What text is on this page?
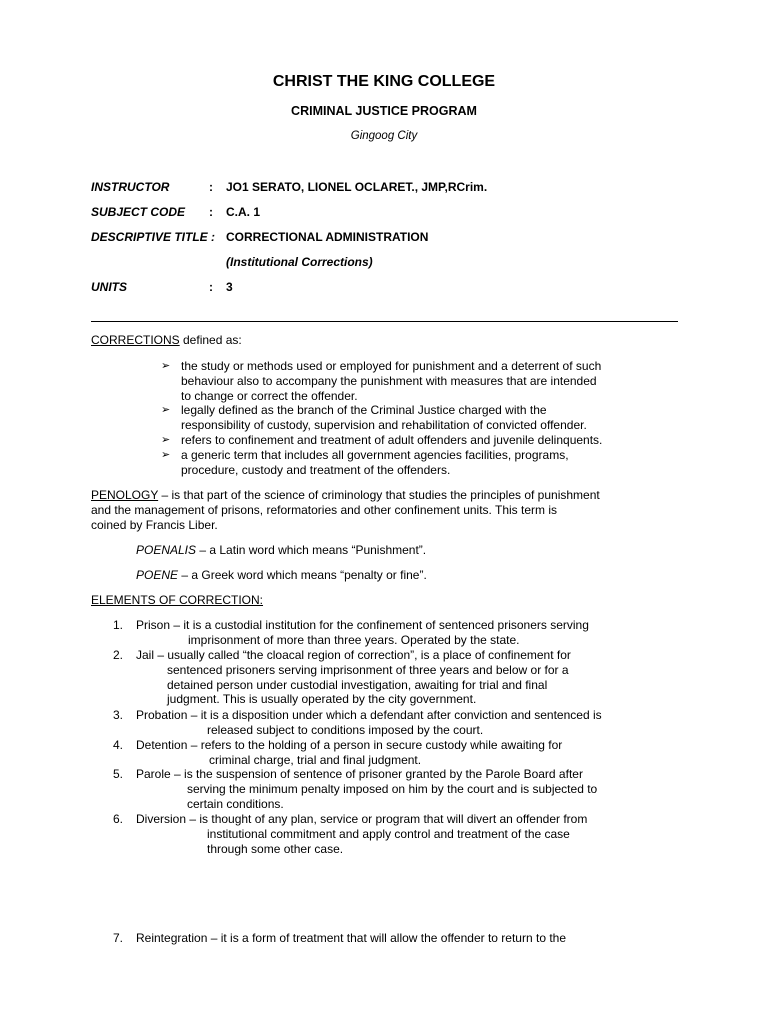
CHRIST THE KING COLLEGE
CRIMINAL JUSTICE PROGRAM
Gingoog City
INSTRUCTOR	: JO1 SERATO, LIONEL OCLARET., JMP,RCrim.
SUBJECT CODE : C.A. 1
DESCRIPTIVE TITLE : CORRECTIONAL ADMINISTRATION
(Institutional Corrections)
UNITS	: 3
CORRECTIONS defined as:
➢ the study or methods used or employed for punishment and a deterrent of such
behaviour also to accompany the punishment with measures that are intended
to change or correct the offender.
➢ legally defined as the branch of the Criminal Justice charged with the
responsibility of custody, supervision and rehabilitation of convicted offender.
➢ refers to confinement and treatment of adult offenders and juvenile delinquents.
➢ a generic term that includes all government agencies facilities, programs,
procedure, custody and treatment of the offenders.
PENOLOGY – is that part of the science of criminology that studies the principles of punishment
and the management of prisons, reformatories and other confinement units. This term is
coined by Francis Liber.
POENALIS – a Latin word which means “Punishment”.
POENE – a Greek word which means “penalty or fine”.
ELEMENTS OF CORRECTION:
1. Prison – it is a custodial institution for the confinement of sentenced prisoners serving
imprisonment of more than three years. Operated by the state.
2. Jail – usually called “the cloacal region of correction”, is a place of confinement for
sentenced prisoners serving imprisonment of three years and below or for a
detained person under custodial investigation, awaiting for trial and final
judgment. This is usually operated by the city government.
3. Probation – it is a disposition under which a defendant after conviction and sentenced is
released subject to conditions imposed by the court.
4. Detention – refers to the holding of a person in secure custody while awaiting for
criminal charge, trial and final judgment.
5. Parole – is the suspension of sentence of prisoner granted by the Parole Board after
serving the minimum penalty imposed on him by the court and is subjected to
certain conditions.
6. Diversion – is thought of any plan, service or program that will divert an offender from
institutional commitment and apply control and treatment of the case
through some other case.
7. Reintegration – it is a form of treatment that will allow the offender to return to the
